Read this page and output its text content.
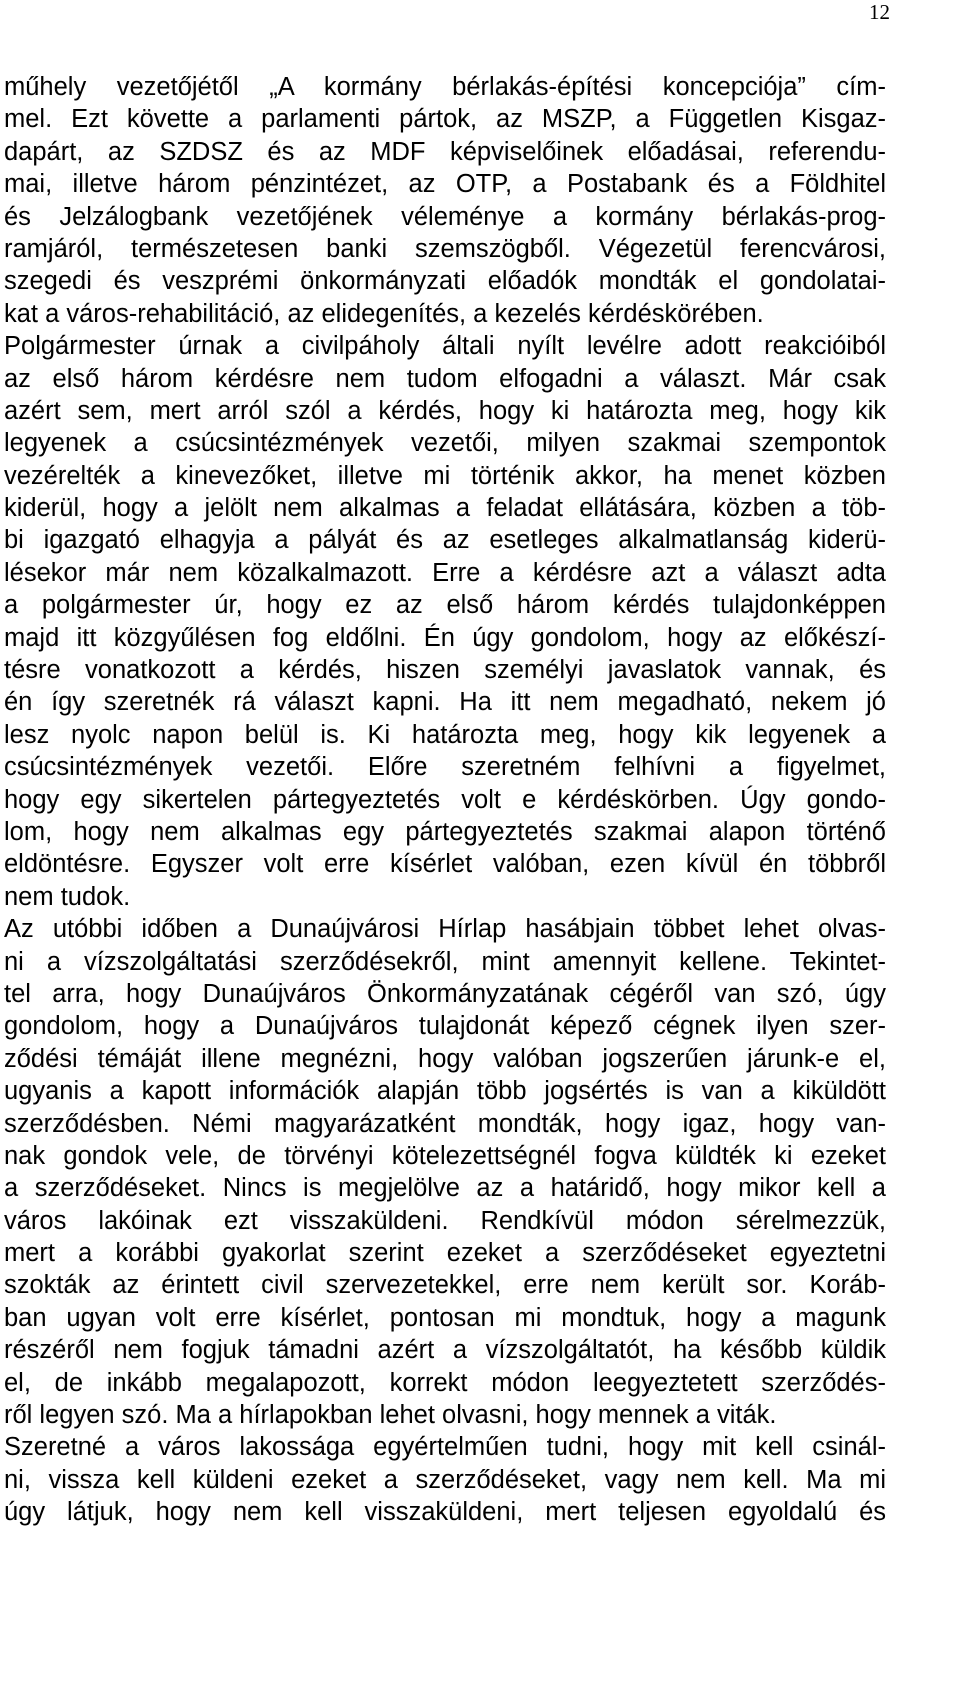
12
műhely vezetőjétől „A kormány bérlakás-építési koncepciója” cím-
mel. Ezt követte a parlamenti pártok, az MSZP, a Független Kisgaz-
dapárt, az SZDSZ és az MDF képviselőinek előadásai, referendu-
mai, illetve három pénzintézet, az OTP, a Postabank és a Földhitel
és Jelzálogbank vezetőjének véleménye a kormány bérlakás-prog-
ramjáról, természetesen banki szemszögből. Végezetül ferencvárosi,
szegedi és veszprémi önkormányzati előadók mondták el gondolatai-
kat a város-rehabilitáció, az elidegenítés, a kezelés kérdéskörében.
Polgármester úrnak a civilpáholy általi nyílt levélre adott reakcióiból
az első három kérdésre nem tudom elfogadni a választ. Már csak
azért sem, mert arról szól a kérdés, hogy ki határozta meg, hogy kik
legyenek a csúcsintézmények vezetői, milyen szakmai szempontok
vezérelték a kinevezőket, illetve mi történik akkor, ha menet közben
kiderül, hogy a jelölt nem alkalmas a feladat ellátására, közben a töb-
bi igazgató elhagyja a pályát és az esetleges alkalmatlanság kiderü-
lésekor már nem közalkalmazott. Erre a kérdésre azt a választ adta
a polgármester úr, hogy ez az első három kérdés tulajdonképpen
majd itt közgyűlésen fog eldőlni. Én úgy gondolom, hogy az előkészí-
tésre vonatkozott a kérdés, hiszen személyi javaslatok vannak, és
én így szeretnék rá választ kapni. Ha itt nem megadható, nekem jó
lesz nyolc napon belül is. Ki határozta meg, hogy kik legyenek a
csúcsintézmények vezetői. Előre szeretném felhívni a figyelmet,
hogy egy sikertelen pártegyeztetés volt e kérdéskörben. Úgy gondo-
lom, hogy nem alkalmas egy pártegyeztetés szakmai alapon történő
eldöntésre. Egyszer volt erre kísérlet valóban, ezen kívül én többről
nem tudok.
Az utóbbi időben a Dunaújvárosi Hírlap hasábjain többet lehet olvas-
ni a vízszolgáltatási szerződésekről, mint amennyit kellene. Tekintet-
tel arra, hogy Dunaújváros Önkormányzatának cégéről van szó, úgy
gondolom, hogy a Dunaújváros tulajdonát képező cégnek ilyen szer-
ződési témáját illene megnézni, hogy valóban jogszerűen járunk-e el,
ugyanis a kapott információk alapján több jogsértés is van a kiküldött
szerződésben. Némi magyarázatként mondták, hogy igaz, hogy van-
nak gondok vele, de törvényi kötelezettségnél fogva küldték ki ezeket
a szerződéseket. Nincs is megjelölve az a határidő, hogy mikor kell a
város lakóinak ezt visszaküldeni. Rendkívül módon sérelmezzük,
mert a korábbi gyakorlat szerint ezeket a szerződéseket egyeztetni
szokták az érintett civil szervezetekkel, erre nem került sor. Koráb-
ban ugyan volt erre kísérlet, pontosan mi mondtuk, hogy a magunk
részéről nem fogjuk támadni azért a vízszolgáltatót, ha később küldik
el, de inkább megalapozott, korrekt módon leegyeztetett szerződés-
ről legyen szó. Ma a hírlapokban lehet olvasni, hogy mennek a viták.
Szeretné a város lakossága egyértelműen tudni, hogy mit kell csinál-
ni, vissza kell küldeni ezeket a szerződéseket, vagy nem kell. Ma mi
úgy látjuk, hogy nem kell visszaküldeni, mert teljesen egyoldalú és
